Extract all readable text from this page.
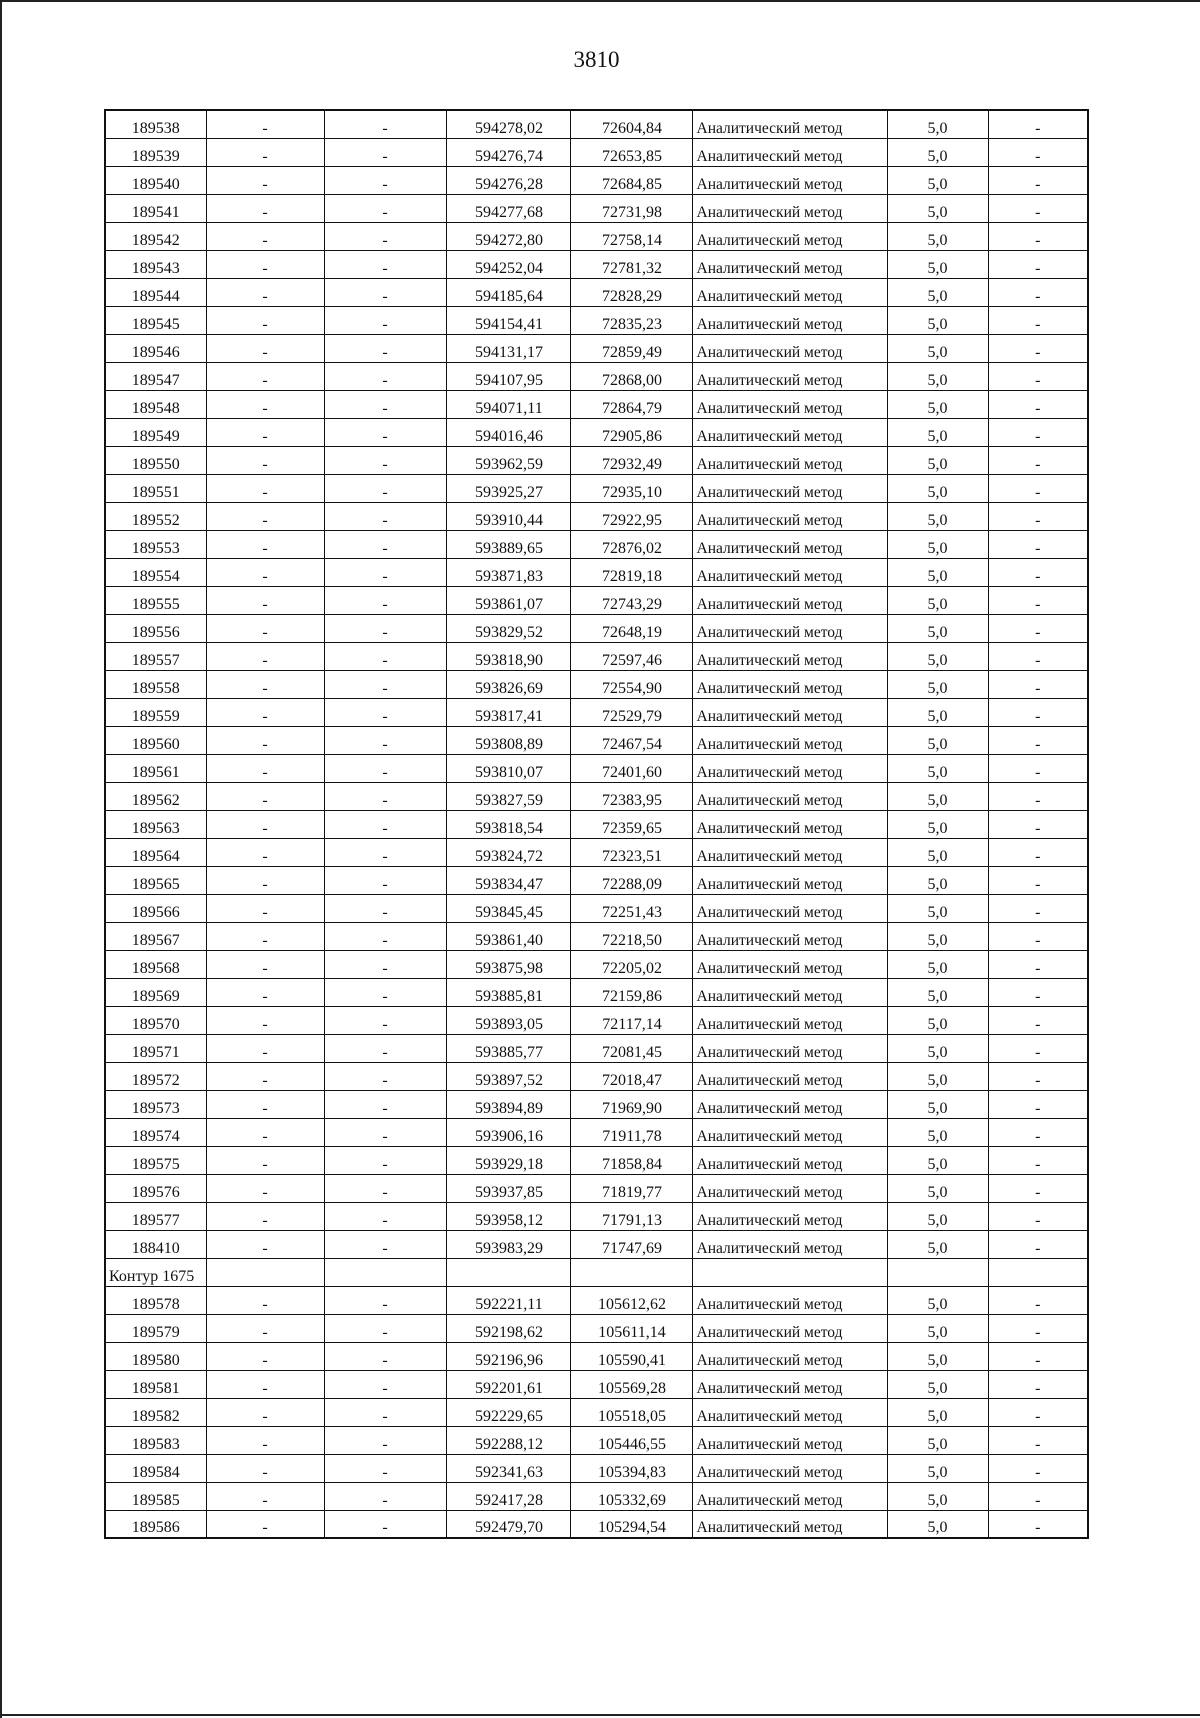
3810
189538	-	-	594278,02	72604,84	Аналитический метод	5,0	-
189539	-	-	594276,74	72653,85	Аналитический метод	5,0	-
189540	-	-	594276,28	72684,85	Аналитический метод	5,0	-
189541	-	-	594277,68	72731,98	Аналитический метод	5,0	-
189542	-	-	594272,80	72758,14	Аналитический метод	5,0	-
189543	-	-	594252,04	72781,32	Аналитический метод	5,0	-
189544	-	-	594185,64	72828,29	Аналитический метод	5,0	-
189545	-	-	594154,41	72835,23	Аналитический метод	5,0	-
189546	-	-	594131,17	72859,49	Аналитический метод	5,0	-
189547	-	-	594107,95	72868,00	Аналитический метод	5,0	-
189548	-	-	594071,11	72864,79	Аналитический метод	5,0	-
189549	-	-	594016,46	72905,86	Аналитический метод	5,0	-
189550	-	-	593962,59	72932,49	Аналитический метод	5,0	-
189551	-	-	593925,27	72935,10	Аналитический метод	5,0	-
189552	-	-	593910,44	72922,95	Аналитический метод	5,0	-
189553	-	-	593889,65	72876,02	Аналитический метод	5,0	-
189554	-	-	593871,83	72819,18	Аналитический метод	5,0	-
189555	-	-	593861,07	72743,29	Аналитический метод	5,0	-
189556	-	-	593829,52	72648,19	Аналитический метод	5,0	-
189557	-	-	593818,90	72597,46	Аналитический метод	5,0	-
189558	-	-	593826,69	72554,90	Аналитический метод	5,0	-
189559	-	-	593817,41	72529,79	Аналитический метод	5,0	-
189560	-	-	593808,89	72467,54	Аналитический метод	5,0	-
189561	-	-	593810,07	72401,60	Аналитический метод	5,0	-
189562	-	-	593827,59	72383,95	Аналитический метод	5,0	-
189563	-	-	593818,54	72359,65	Аналитический метод	5,0	-
189564	-	-	593824,72	72323,51	Аналитический метод	5,0	-
189565	-	-	593834,47	72288,09	Аналитический метод	5,0	-
189566	-	-	593845,45	72251,43	Аналитический метод	5,0	-
189567	-	-	593861,40	72218,50	Аналитический метод	5,0	-
189568	-	-	593875,98	72205,02	Аналитический метод	5,0	-
189569	-	-	593885,81	72159,86	Аналитический метод	5,0	-
189570	-	-	593893,05	72117,14	Аналитический метод	5,0	-
189571	-	-	593885,77	72081,45	Аналитический метод	5,0	-
189572	-	-	593897,52	72018,47	Аналитический метод	5,0	-
189573	-	-	593894,89	71969,90	Аналитический метод	5,0	-
189574	-	-	593906,16	71911,78	Аналитический метод	5,0	-
189575	-	-	593929,18	71858,84	Аналитический метод	5,0	-
189576	-	-	593937,85	71819,77	Аналитический метод	5,0	-
189577	-	-	593958,12	71791,13	Аналитический метод	5,0	-
188410	-	-	593983,29	71747,69	Аналитический метод	5,0	-
Контур 1675							
189578	-	-	592221,11	105612,62	Аналитический метод	5,0	-
189579	-	-	592198,62	105611,14	Аналитический метод	5,0	-
189580	-	-	592196,96	105590,41	Аналитический метод	5,0	-
189581	-	-	592201,61	105569,28	Аналитический метод	5,0	-
189582	-	-	592229,65	105518,05	Аналитический метод	5,0	-
189583	-	-	592288,12	105446,55	Аналитический метод	5,0	-
189584	-	-	592341,63	105394,83	Аналитический метод	5,0	-
189585	-	-	592417,28	105332,69	Аналитический метод	5,0	-
189586	-	-	592479,70	105294,54	Аналитический метод	5,0	-
